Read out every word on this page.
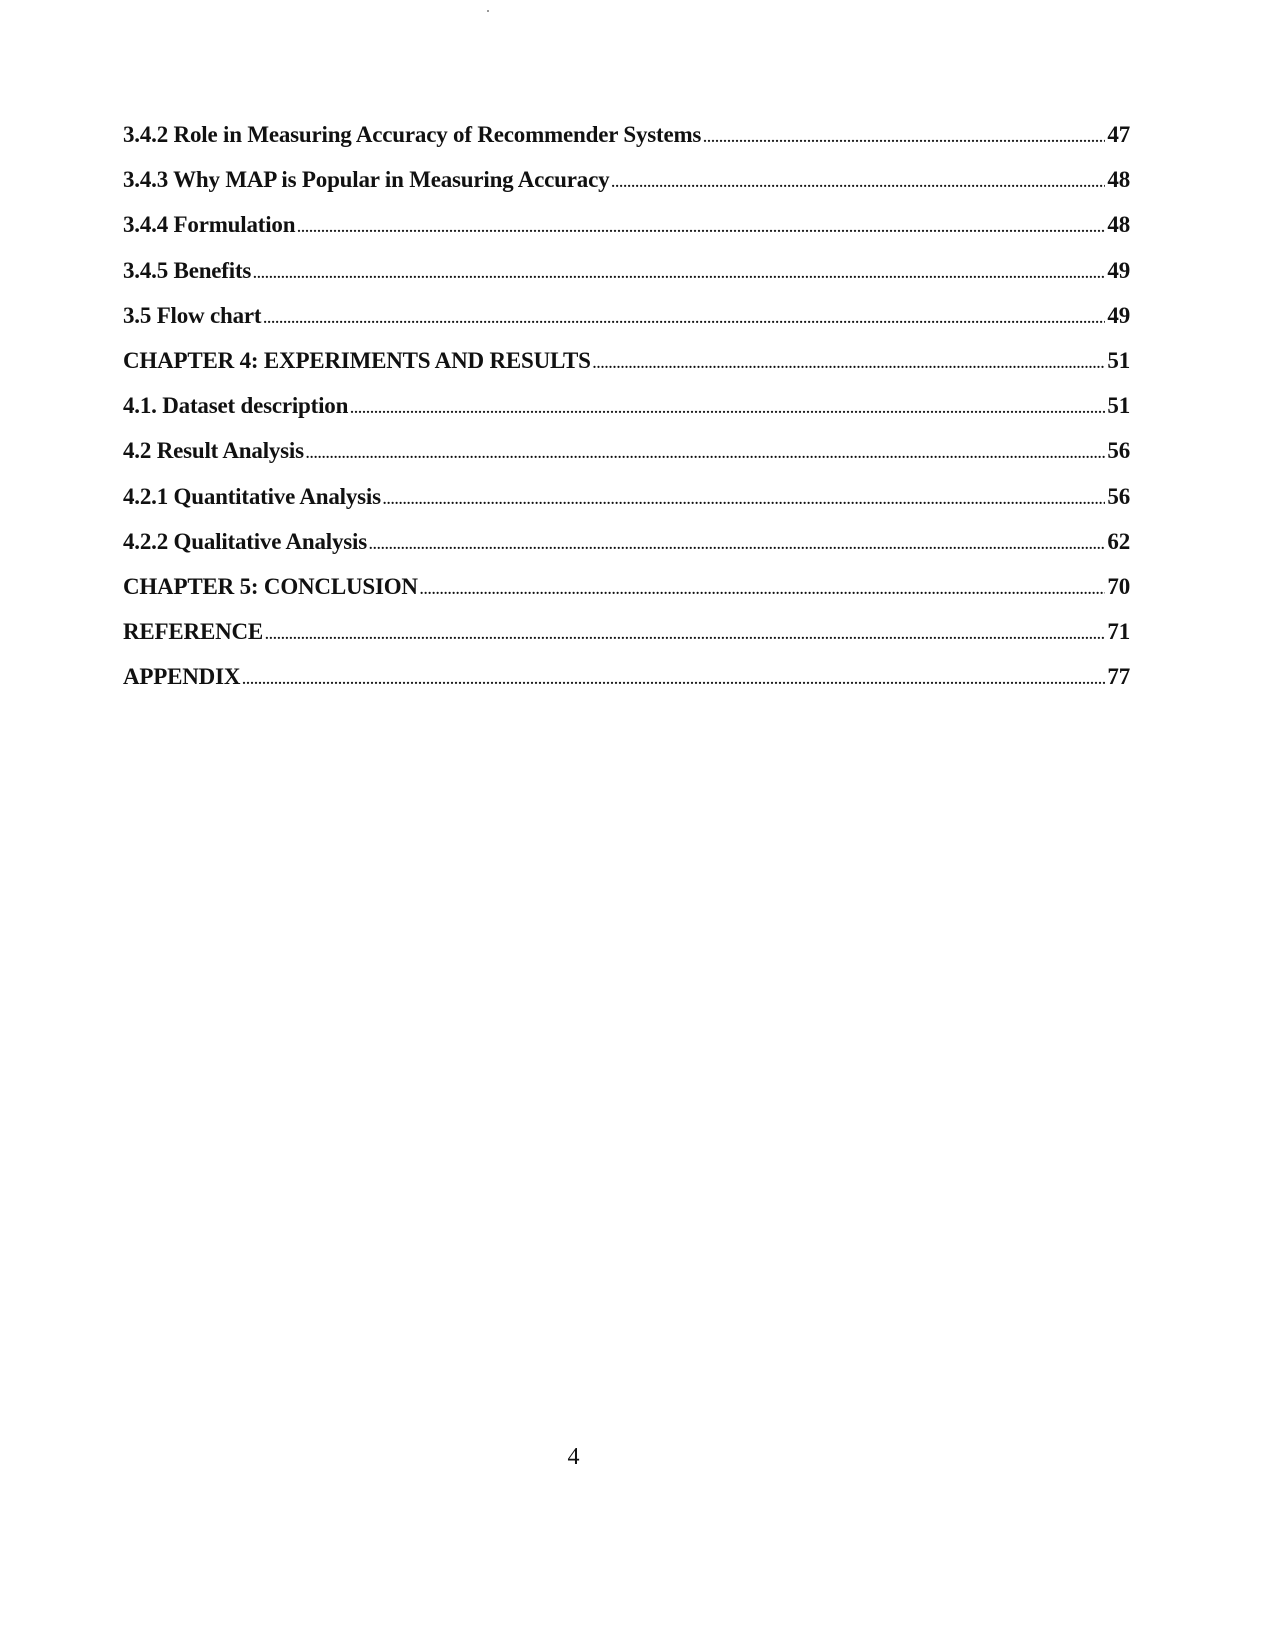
3.4.2 Role in Measuring Accuracy of Recommender Systems .....	47
3.4.3 Why MAP is Popular in Measuring Accuracy .....	48
3.4.4 Formulation .....	48
3.4.5 Benefits .....	49
3.5 Flow chart .....	49
CHAPTER 4: EXPERIMENTS AND RESULTS .....	51
4.1. Dataset description .....	51
4.2 Result Analysis .....	56
4.2.1 Quantitative Analysis .....	56
4.2.2 Qualitative Analysis .....	62
CHAPTER 5: CONCLUSION .....	70
REFERENCE .....	71
APPENDIX .....	77
4
